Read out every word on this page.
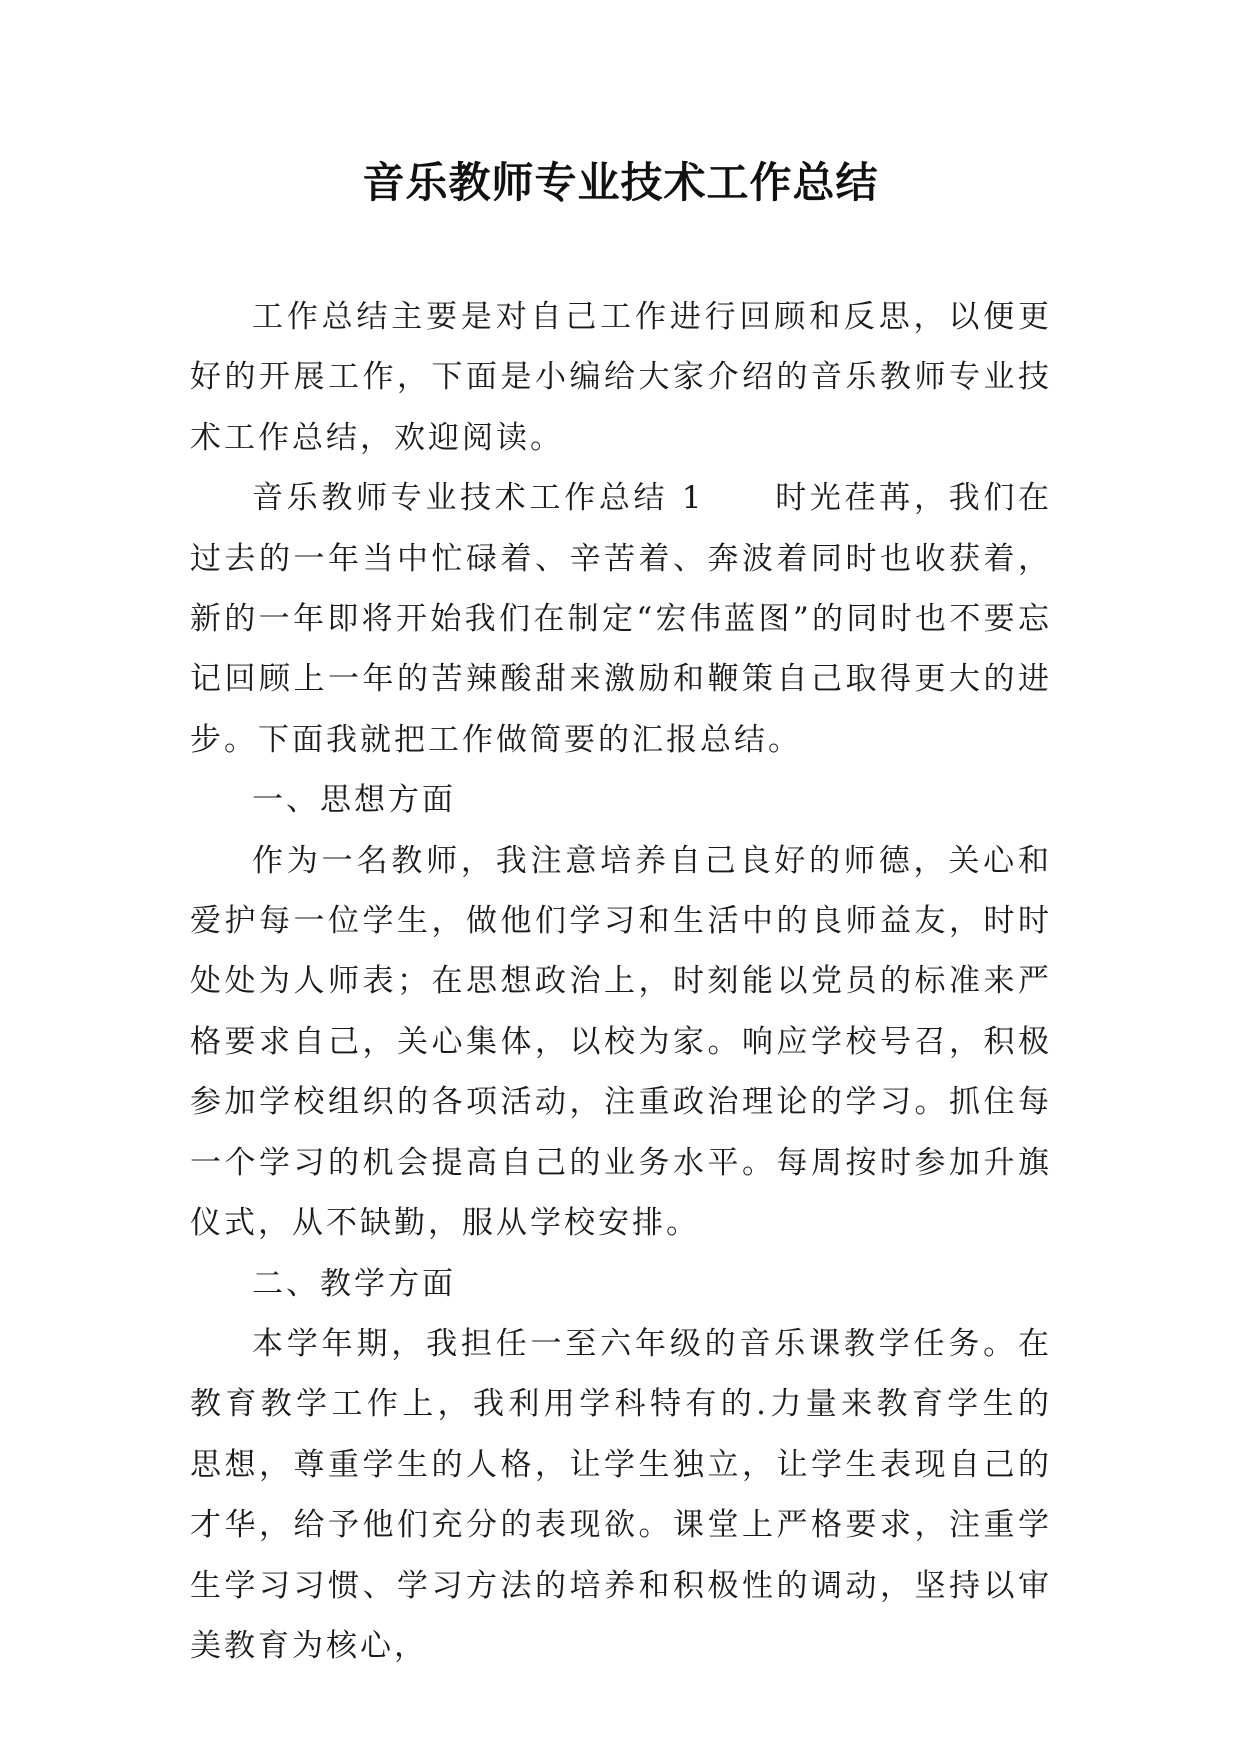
音乐教师专业技术工作总结

工作总结主要是对自己工作进行回顾和反思，以便更好的开展工作，下面是小编给大家介绍的音乐教师专业技术工作总结，欢迎阅读。

音乐教师专业技术工作总结 1 时光荏苒，我们在过去的一年当中忙碌着、辛苦着、奔波着同时也收获着，新的一年即将开始我们在制定“宏伟蓝图”的同时也不要忘记回顾上一年的苦辣酸甜来激励和鞭策自己取得更大的进步。下面我就把工作做简要的汇报总结。

一、思想方面

作为一名教师，我注意培养自己良好的师德，关心和爱护每一位学生，做他们学习和生活中的良师益友，时时处处为人师表；在思想政治上，时刻能以党员的标准来严格要求自己，关心集体，以校为家。响应学校号召，积极参加学校组织的各项活动，注重政治理论的学习。抓住每一个学习的机会提高自己的业务水平。每周按时参加升旗仪式，从不缺勤，服从学校安排。

二、教学方面

本学年期，我担任一至六年级的音乐课教学任务。在教育教学工作上，我利用学科特有的.力量来教育学生的思想，尊重学生的人格，让学生独立，让学生表现自己的才华，给予他们充分的表现欲。课堂上严格要求，注重学生学习习惯、学习方法的培养和积极性的调动，坚持以审美教育为核心，
